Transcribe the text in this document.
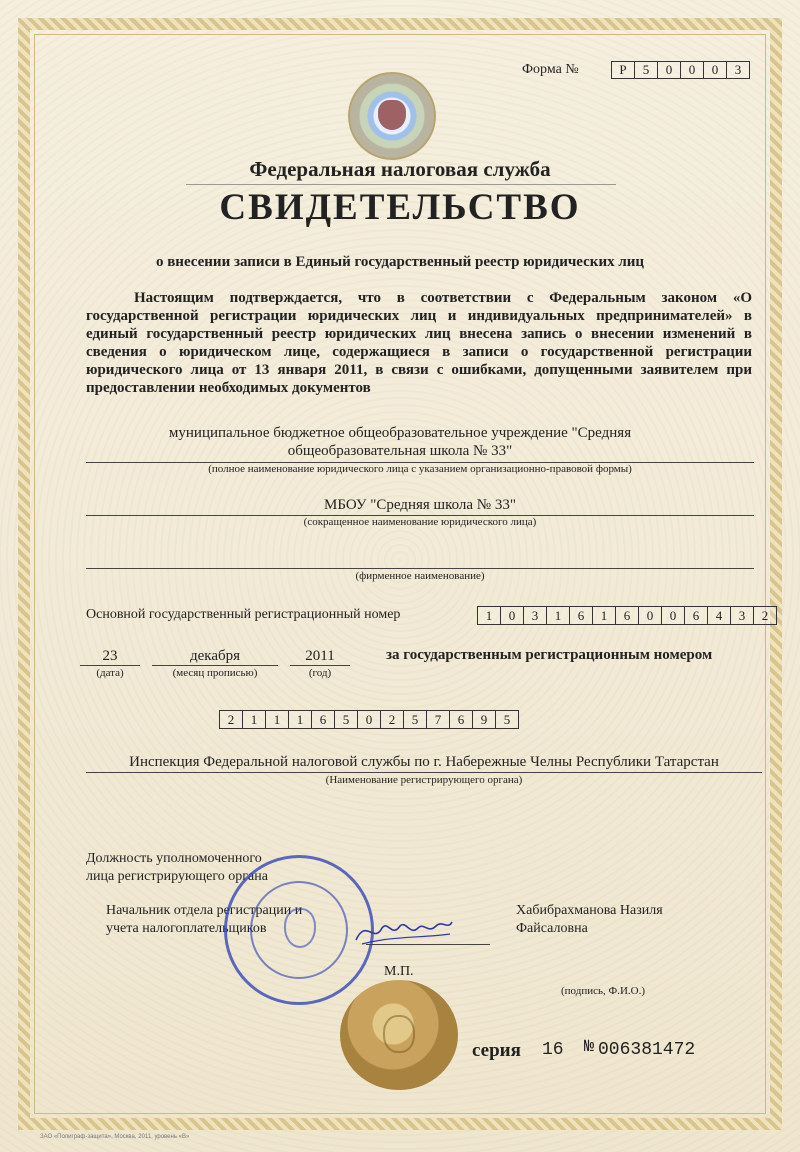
Форма №	Р	5	0	0	0	3
Федеральная налоговая служба
СВИДЕТЕЛЬСТВО
о внесении записи в Единый государственный реестр юридических лиц
Настоящим подтверждается, что в соответствии с Федеральным законом «О государственной регистрации юридических лиц и индивидуальных предпринимателей» в единый государственный реестр юридических лиц внесена запись о внесении изменений в сведения о юридическом лице, содержащиеся в записи о государственной регистрации юридического лица от 13 января 2011, в связи с ошибками, допущенными заявителем при предоставлении необходимых документов
муниципальное бюджетное общеобразовательное учреждение "Средняя
общеобразовательная школа № 33"
(полное наименование юридического лица с указанием организационно-правовой формы)
МБОУ "Средняя школа № 33"
(сокращенное наименование юридического лица)
(фирменное наименование)
Основной государственный регистрационный номер	1	0	3	1	6	1	6	0	0	6	4	3	2
23
(дата)
декабря
(месяц прописью)
2011
(год)
за государственным регистрационным номером
2	1	1	1	6	5	0	2	5	7	6	9	5
Инспекция Федеральной налоговой службы по г. Набережные Челны Республики Татарстан
(Наименование регистрирующего органа)
Должность уполномоченного
лица регистрирующего органа
Начальник отдела регистрации и
учета налогоплательщиков
Хабибрахманова Назиля
Файсаловна
М.П.
(подпись, Ф.И.О.)
серия 16 № 006381472
ЗАО «Полиграф-защита», Москва, 2011, уровень «В»
